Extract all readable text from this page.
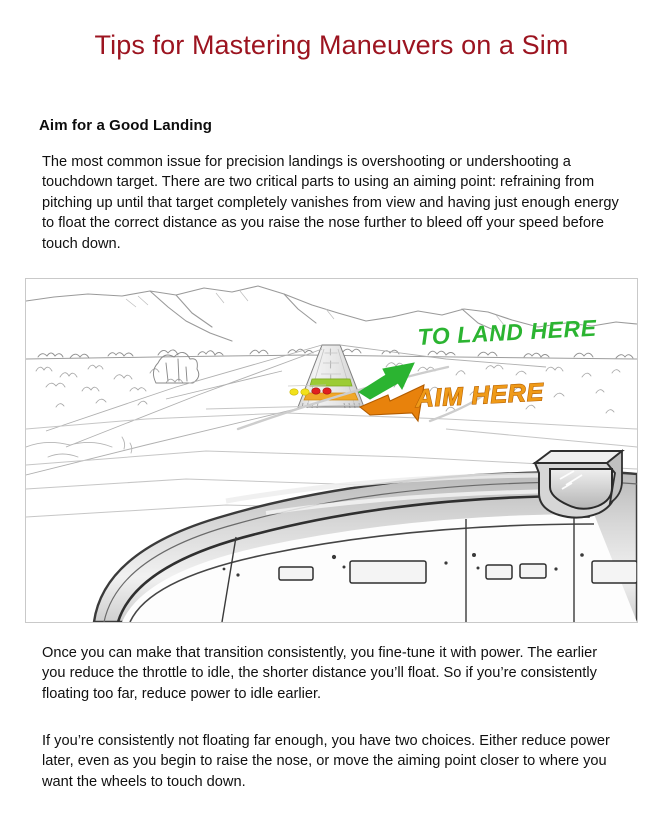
Tips for Mastering Maneuvers on a Sim
Aim for a Good Landing
The most common issue for precision landings is overshooting or undershooting a touchdown target. There are two critical parts to using an aiming point: refraining from pitching up until that target completely vanishes from view and having just enough energy to float the correct distance as you raise the nose further to bleed off your speed before touch down.
TO LAND HERE
AIM HERE
Once you can make that transition consistently, you fine-tune it with power. The earlier you reduce the throttle to idle, the shorter distance you’ll float. So if you’re consistently floating too far, reduce power to idle earlier.
If you’re consistently not floating far enough, you have two choices. Either reduce power later, even as you begin to raise the nose, or move the aiming point closer to where you want the wheels to touch down.
